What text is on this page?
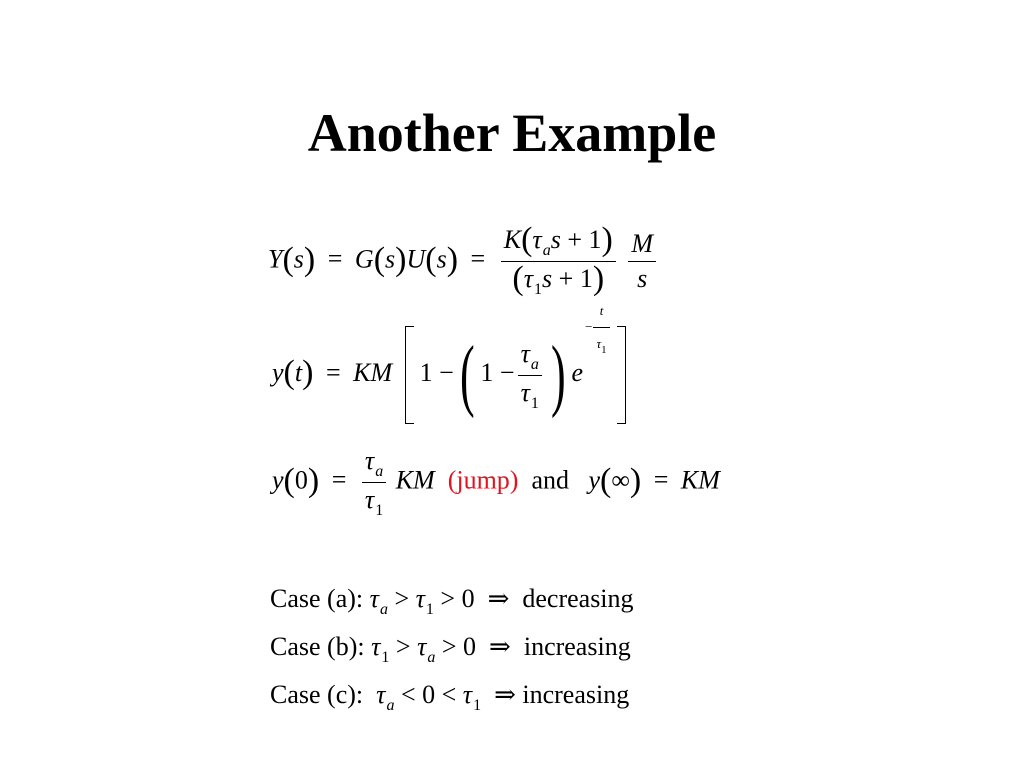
Another Example
$Y(s) = G(s)U(s) = \frac{K(\tau_as + 1)}{(\tau_1s + 1)}$
$\frac{M}{s}$
y(t) = KM 1 −( $1 - \frac{\tau_a}{\tau_1}$ ) $e- \frac{t}{\tau_1}$
$y(0) = \frac{\tau_a}{\tau_1}$ KM (jump) and y(∞) = KM
Case (a): $\tau_a > \tau_1 > 0$  ⇒  decreasing
Case (b): $\tau_1 > \tau_a > 0$  ⇒  increasing
Case (c): $\tau_a < 0 < \tau_1$  ⇒ increasing
